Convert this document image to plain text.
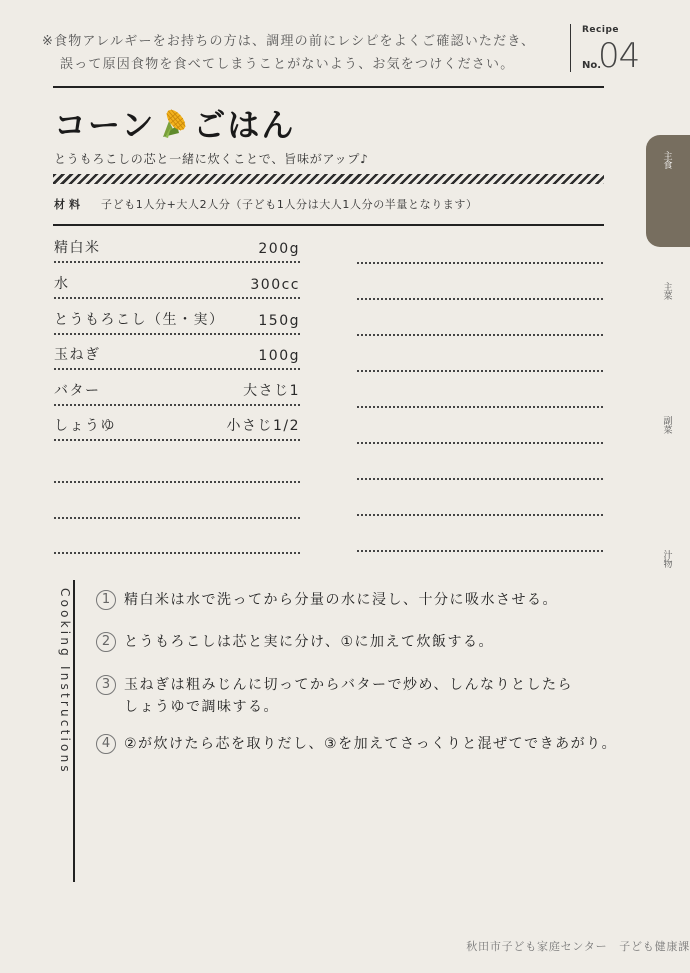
※食物アレルギーをお持ちの方は、調理の前にレシピをよくご確認いただき、
誤って原因食物を食べてしまうことがないよう、お気をつけください。
Recipe
No.
04
コーン ごはん
とうもろこしの芯と一緒に炊くことで、旨味がアップ♪
材料 子ども1人分+大人2人分（子ども1人分は大人1人分の半量となります）
精白米	200g
水	300cc
とうもろこし（生・実） 150g
玉ねぎ	100g
バター	大さじ1
しょうゆ	小さじ1/2
Cooking Instructions	1 精白米は水で洗ってから分量の水に浸し、十分に吸水させる。
2 とうもろこしは芯と実に分け、①に加えて炊飯する。
3 玉ねぎは粗みじんに切ってからバターで炒め、しんなりとしたら
しょうゆで調味する。
4 ②が炊けたら芯を取りだし、③を加えてさっくりと混ぜてできあがり。
主食
主菜
副菜
汁物
秋田市子ども家庭センター　子ども健康課
